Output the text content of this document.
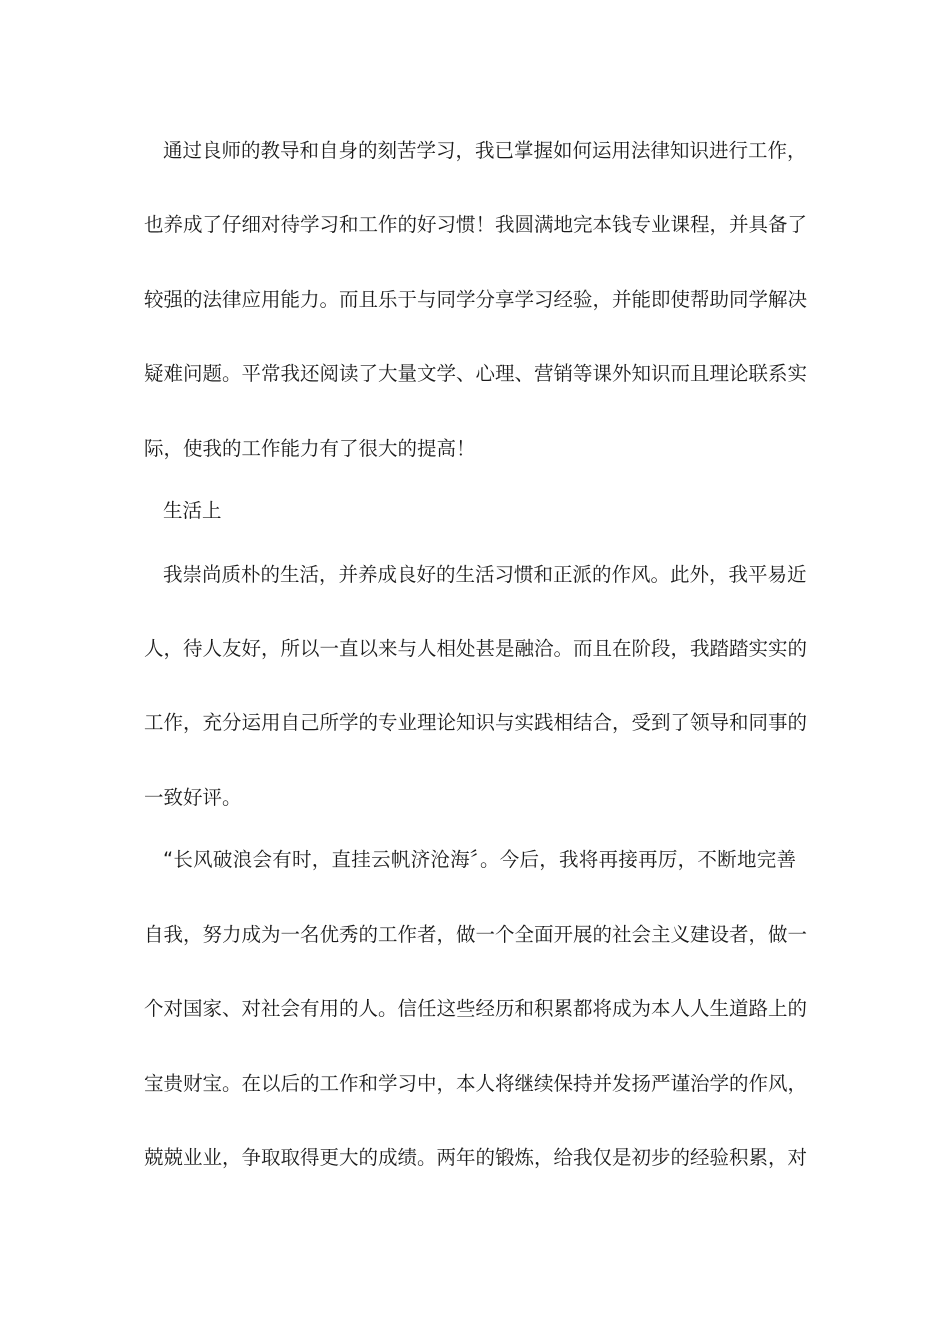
通过良师的教导和自身的刻苦学习，我已掌握如何运用法律知识进行工作，
也养成了仔细对待学习和工作的好习惯！我圆满地完本钱专业课程，并具备了
较强的法律应用能力。而且乐于与同学分享学习经验，并能即使帮助同学解决
疑难问题。平常我还阅读了大量文学、心理、营销等课外知识而且理论联系实
际，使我的工作能力有了很大的提高！
生活上
我崇尚质朴的生活，并养成良好的生活习惯和正派的作风。此外，我平易近
人，待人友好，所以一直以来与人相处甚是融洽。而且在阶段，我踏踏实实的
工作，充分运用自己所学的专业理论知识与实践相结合，受到了领导和同事的
一致好评。
“长风破浪会有时，直挂云帆济沧海〞。今后，我将再接再厉，不断地完善
自我，努力成为一名优秀的工作者，做一个全面开展的社会主义建设者，做一
个对国家、对社会有用的人。信任这些经历和积累都将成为本人人生道路上的
宝贵财宝。在以后的工作和学习中，本人将继续保持并发扬严谨治学的作风，
兢兢业业，争取取得更大的成绩。两年的锻炼，给我仅是初步的经验积累，对
